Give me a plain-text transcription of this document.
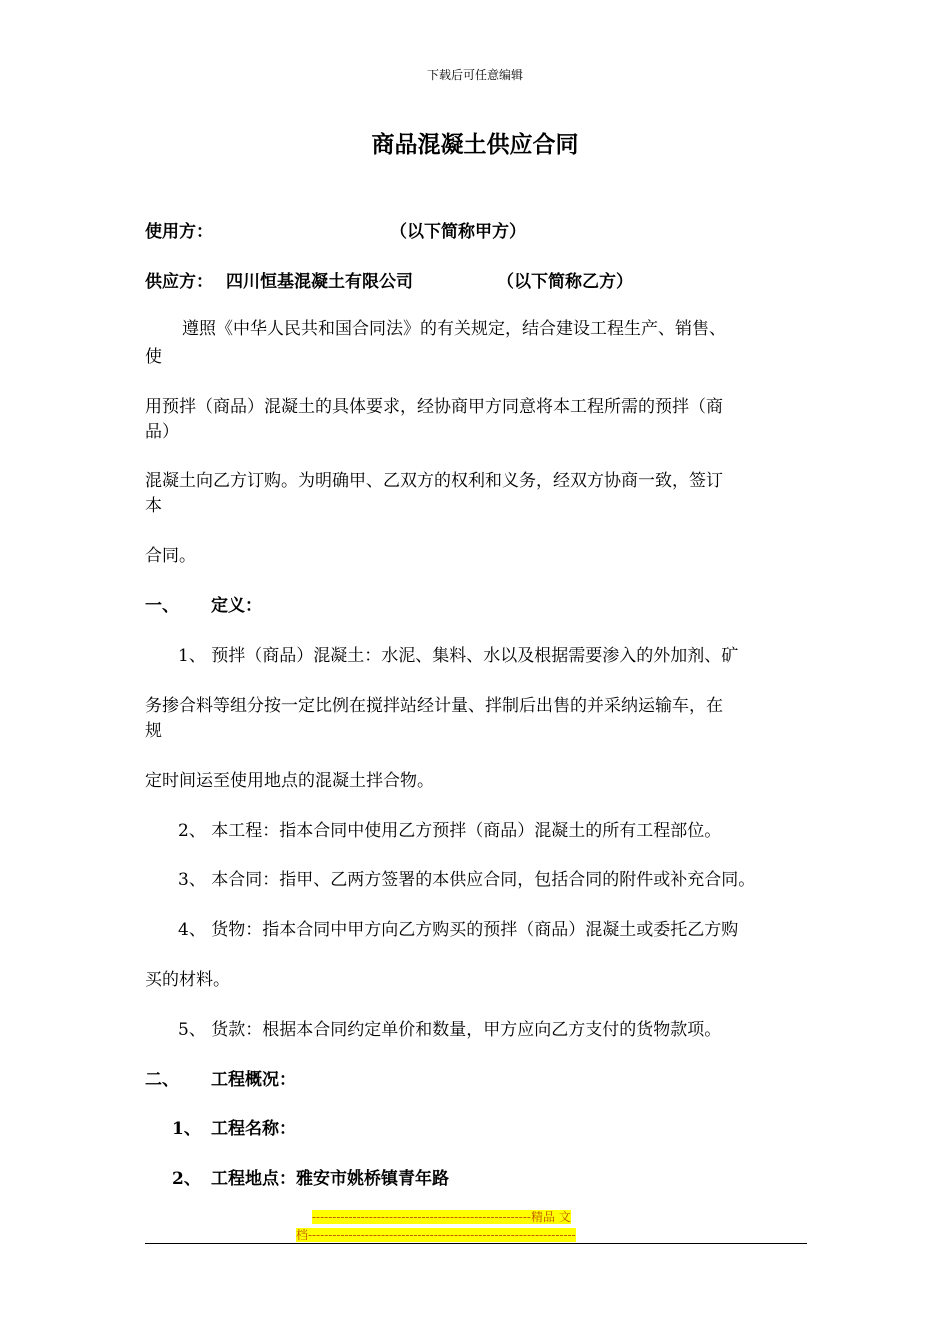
下载后可任意编辑
商品混凝土供应合同
使用方：	（以下简称甲方）
供应方： 四川恒基混凝土有限公司	（以下简称乙方）
遵照《中华人民共和国合同法》的有关规定，结合建设工程生产、销售、
使
用预拌（商品）混凝土的具体要求，经协商甲方同意将本工程所需的预拌（商
品）
混凝土向乙方订购。为明确甲、乙双方的权利和义务，经双方协商一致，签订
本
合同。
一、 定义：
1、 预拌（商品）混凝土：水泥、集料、水以及根据需要渗入的外加剂、矿
务掺合料等组分按一定比例在搅拌站经计量、拌制后出售的并采纳运输车，在
规
定时间运至使用地点的混凝土拌合物。
2、 本工程：指本合同中使用乙方预拌（商品）混凝土的所有工程部位。
3、 本合同：指甲、乙两方签署的本供应合同，包括合同的附件或补充合同。
4、 货物：指本合同中甲方向乙方购买的预拌（商品）混凝土或委托乙方购
买的材料。
5、 货款：根据本合同约定单价和数量，甲方应向乙方支付的货物款项。
二、 工程概况：
1、 工程名称：
2、 工程地点：雅安市姚桥镇青年路
------------------------------------------------------精品 文
档------------------------------------------------------------------
